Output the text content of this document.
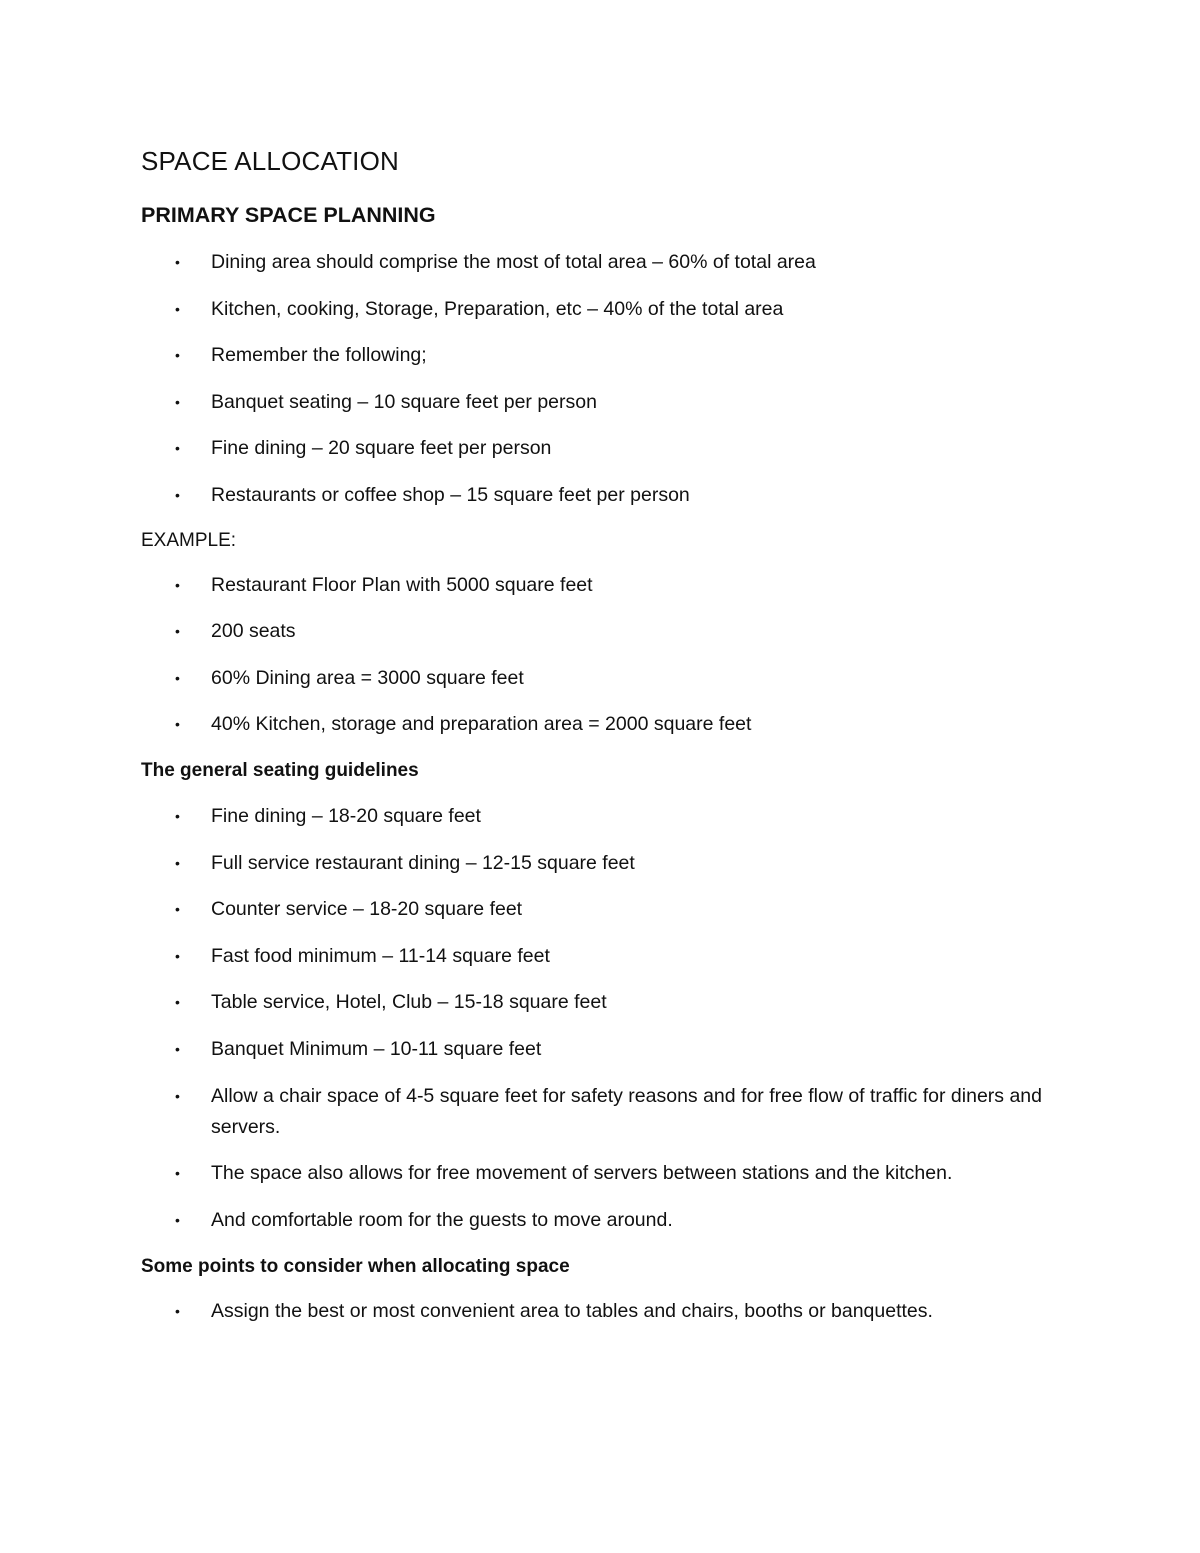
SPACE ALLOCATION
PRIMARY SPACE PLANNING
• Dining area should comprise the most of total area – 60% of total area
• Kitchen, cooking, Storage, Preparation, etc – 40% of the total area
• Remember the following;
• Banquet seating – 10 square feet per person
• Fine dining – 20 square feet per person
• Restaurants or coffee shop – 15 square feet per person

EXAMPLE:

• Restaurant Floor Plan with 5000 square feet
• 200 seats
• 60% Dining area = 3000 square feet
• 40% Kitchen, storage and preparation area = 2000 square feet
The general seating guidelines
• Fine dining – 18-20 square feet
• Full service restaurant dining – 12-15 square feet
• Counter service – 18-20 square feet
• Fast food minimum – 11-14 square feet
• Table service, Hotel, Club – 15-18 square feet
• Banquet Minimum – 10-11 square feet
• Allow a chair space of 4-5 square feet for safety reasons and for free flow of traffic for diners and servers.
• The space also allows for free movement of servers between stations and the kitchen.
• And comfortable room for the guests to move around.
Some points to consider when allocating space
• Assign the best or most convenient area to tables and chairs, booths or banquettes.
